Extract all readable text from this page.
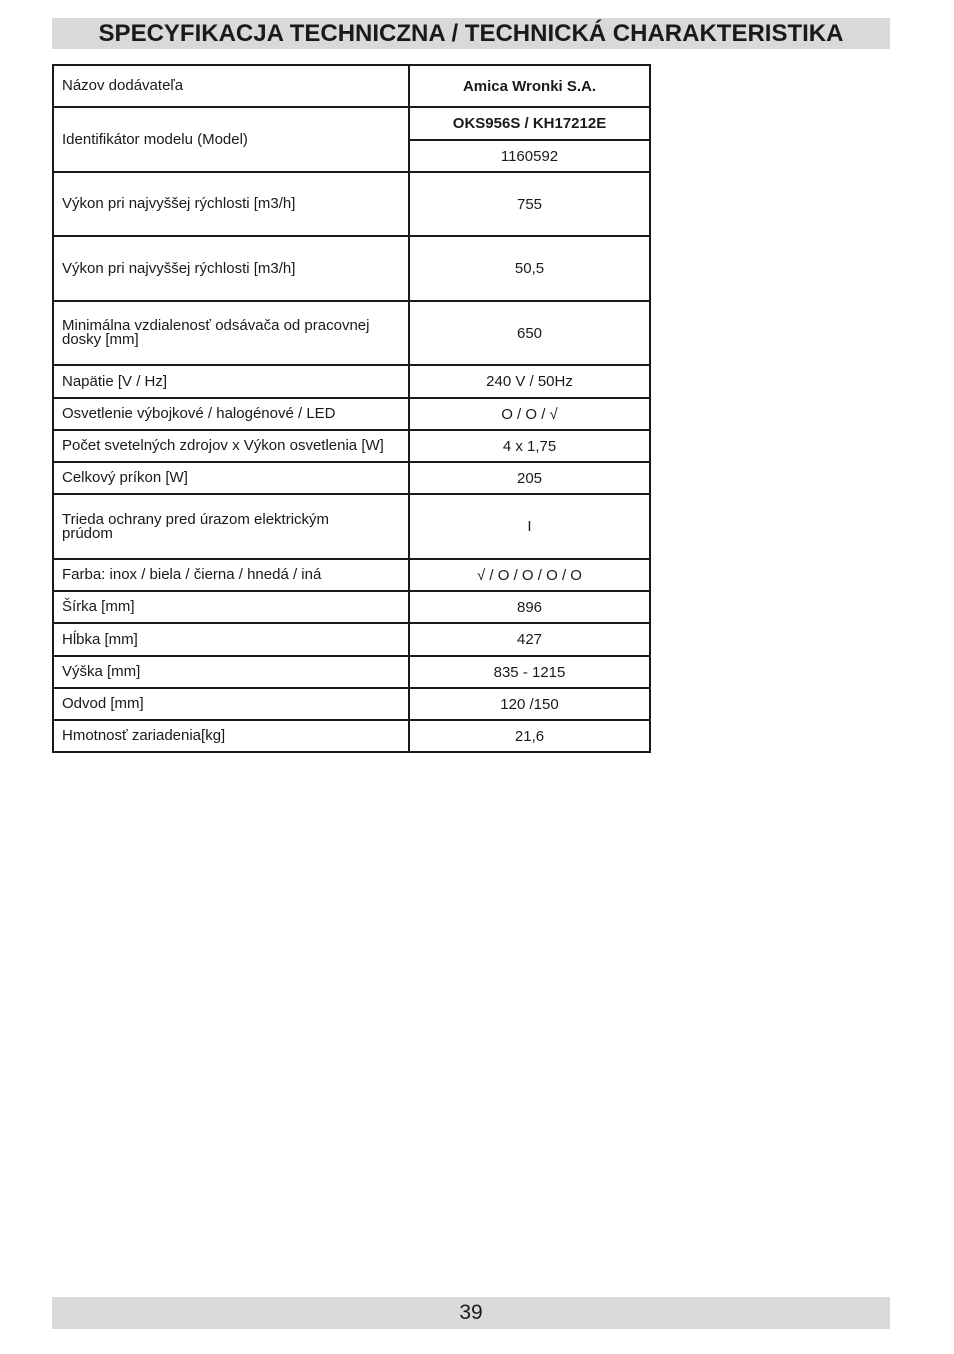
SPECYFIKACJA TECHNICZNA / TECHNICKÁ CHARAKTERISTIKA
Názov dodávateľa	Amica Wronki S.A.
Identifikátor modelu (Model)	OKS956S / KH17212E
	1160592
Výkon pri najvyššej rýchlosti [m3/h]	755
Výkon pri najvyššej rýchlosti [m3/h]	50,5
Minimálna vzdialenosť odsávača od pracovnej dosky [mm]	650
Napätie [V / Hz]	240 V / 50Hz
Osvetlenie výbojkové / halogénové / LED	O / O / √
Počet svetelných zdrojov x Výkon osvetlenia [W]	4 x 1,75
Celkový príkon [W]	205
Trieda ochrany pred úrazom elektrickým prúdom	I
Farba: inox / biela / čierna / hnedá / iná	√ / O / O / O / O
Šírka [mm]	896
Hĺbka [mm]	427
Výška [mm]	835 - 1215
Odvod [mm]	120 /150
Hmotnosť zariadenia[kg]	21,6
39
